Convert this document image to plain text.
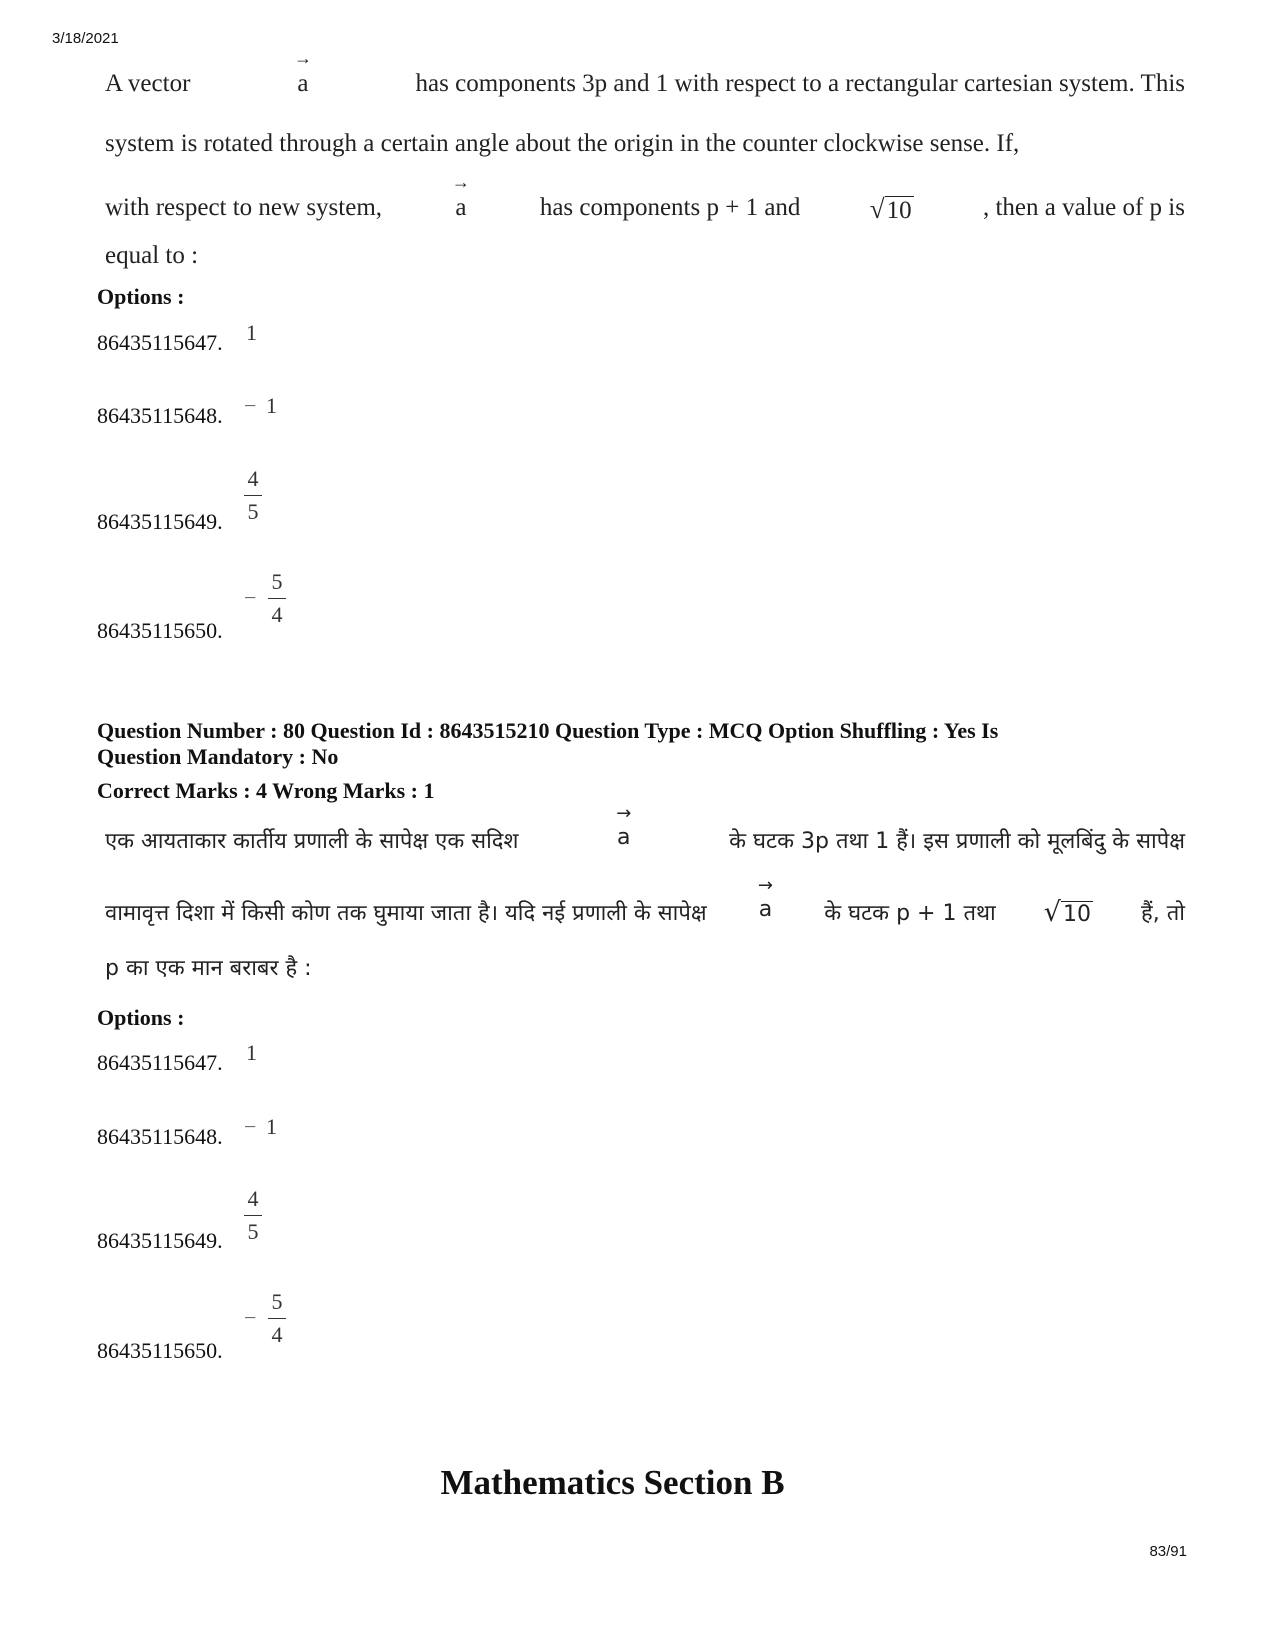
3/18/2021
A vector
→
a	has components 3p and 1 with respect to a rectangular cartesian system. This
system is rotated through a certain angle about the origin in the counter clockwise sense. If,
with respect to new system,
→
a	has components p + 1 and	√10	, then a value of p is
equal to :
Options :
86435115647. 1
86435115648. − 1
86435115649.
4
5
86435115650.
−
5
4
Question Number : 80 Question Id : 8643515210 Question Type : MCQ Option Shuffling : Yes Is
Question Mandatory : No
Correct Marks : 4 Wrong Marks : 1
एक आयताकार कार्तीय प्रणाली के सापेक्ष एक सदिश
→
a	के घटक 3p तथा 1 हैं। इस प्रणाली को मूलबिंदु के सापेक्ष
वामावृत्त दिशा में किसी कोण तक घुमाया जाता है। यदि नई प्रणाली के सापेक्ष
→
a के घटक p + 1 तथा √10 हैं, तो
p का एक मान बराबर है :
Options :
86435115647. 1
86435115648. − 1
86435115649.
4
5
86435115650.
−
5
4
Mathematics Section B
83/91
